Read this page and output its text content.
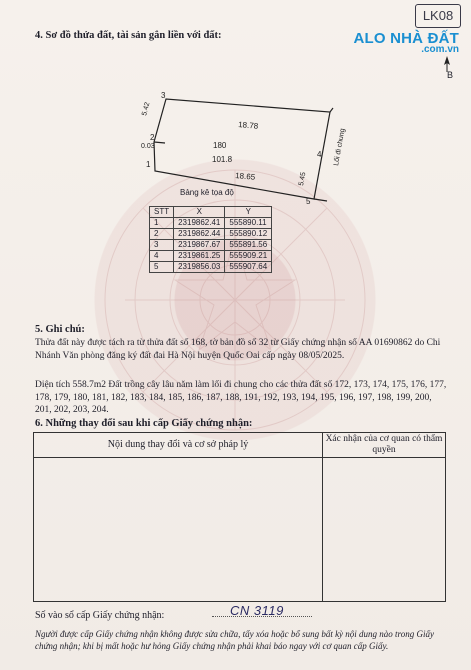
LK08
ALO NHÀ ĐẤT
.com.vn
B
4. Sơ đồ thửa đất, tài sản gắn liền với đất:
3
2
1
4
5
180
101.8
18.78
18.65
5.42
0.03
5.45
Lối đi chung
Bảng kê tọa độ
STT	X	Y
1	2319862.41	555890.11
2	2319862.44	555890.12
3	2319867.67	555891.56
4	2319861.25	555909.21
5	2319856.03	555907.64
5. Ghi chú:
Thửa đất này được tách ra từ thửa đất số 168, tờ bản đồ số 32 từ Giấy chứng nhận số AA 01690862 do Chi Nhánh Văn phòng đăng ký đất đai Hà Nội huyện Quốc Oai cấp ngày 08/05/2025.
Diện tích 558.7m2 Đất trồng cây lâu năm làm lối đi chung cho các thửa đất số 172, 173, 174, 175, 176, 177, 178, 179, 180, 181, 182, 183, 184, 185, 186, 187, 188, 191, 192, 193, 194, 195, 196, 197, 198, 199, 200, 201, 202, 203, 204.
6. Những thay đổi sau khi cấp Giấy chứng nhận:
Nội dung thay đổi và cơ sở pháp lý	Xác nhận của cơ quan có thẩm quyền
Số vào sổ cấp Giấy chứng nhận:	CN 3119
Người được cấp Giấy chứng nhận không được sửa chữa, tẩy xóa hoặc bổ sung bất kỳ nội dung nào trong Giấy chứng nhận; khi bị mất hoặc hư hỏng Giấy chứng nhận phải khai báo ngay với cơ quan cấp Giấy.
